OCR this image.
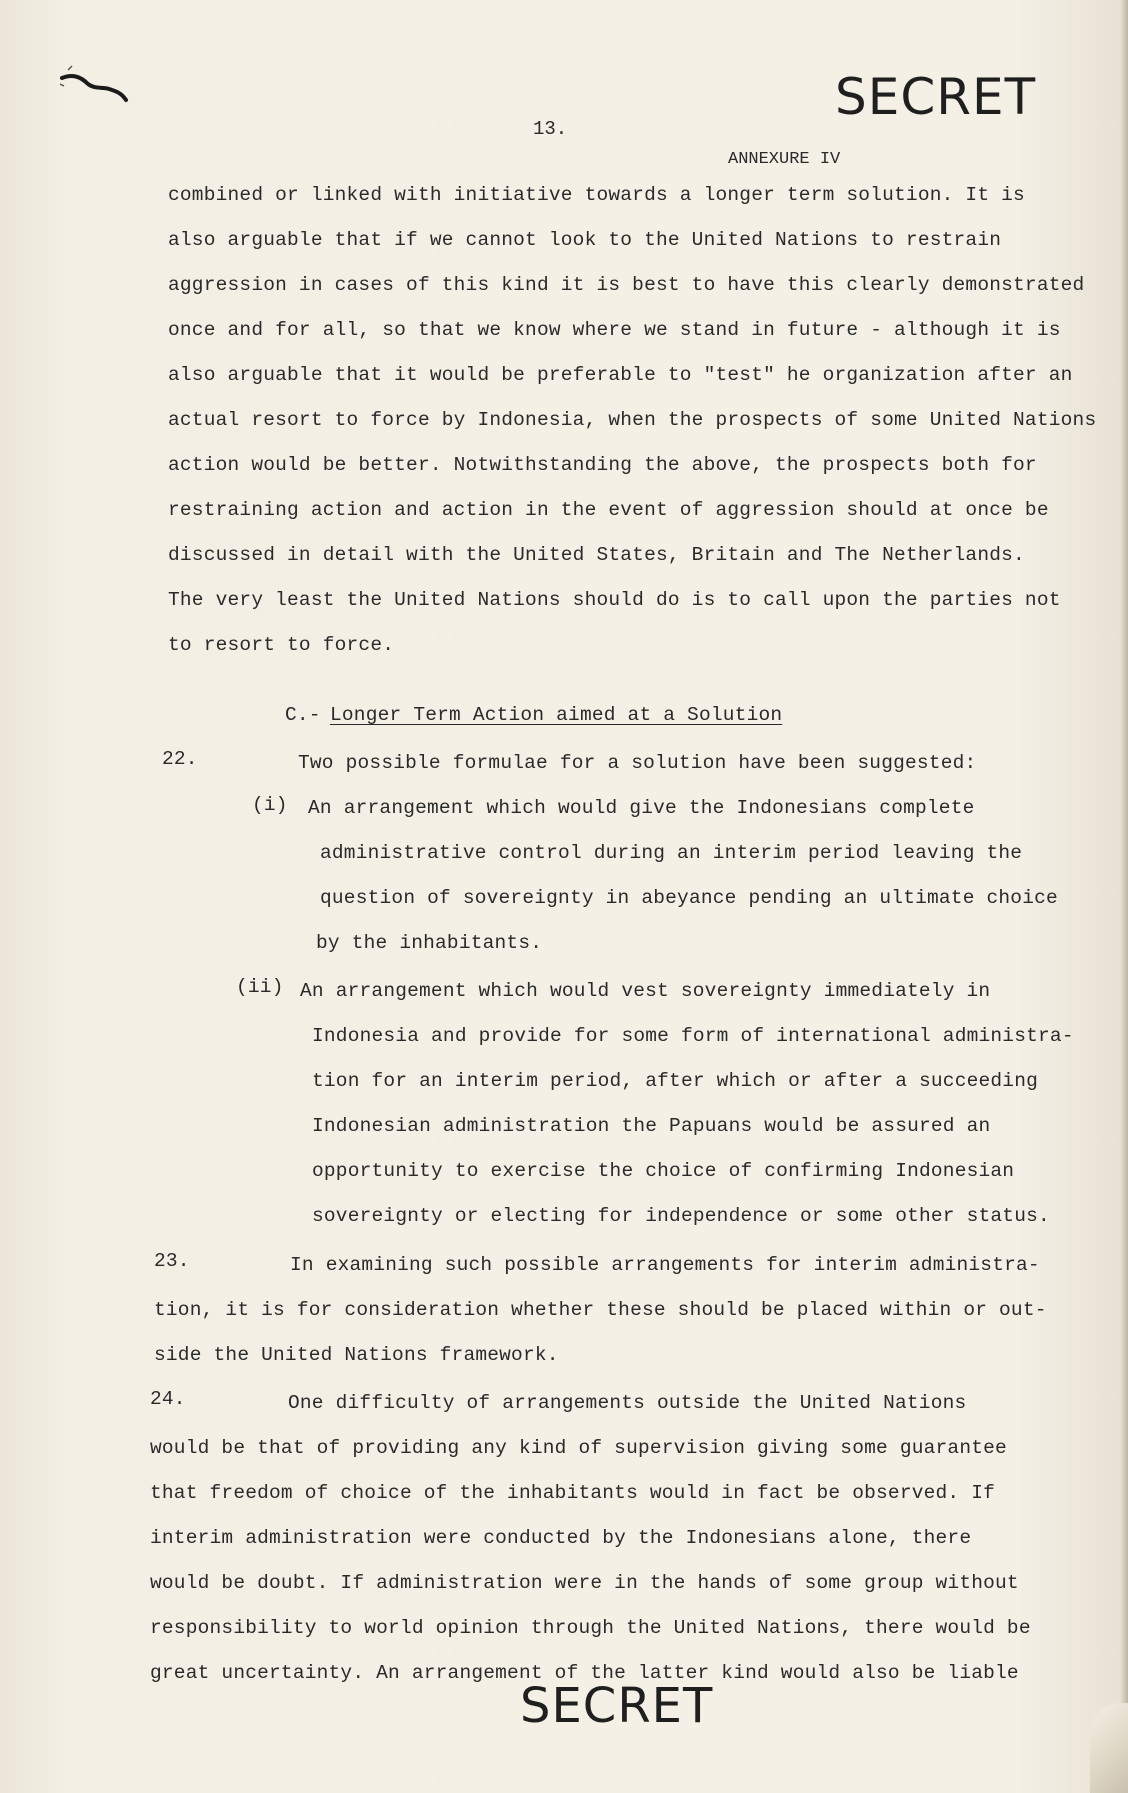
SECRET
13.
ANNEXURE IV
combined or linked with initiative towards a longer term solution. It is
also arguable that if we cannot look to the United Nations to restrain
aggression in cases of this kind it is best to have this clearly demonstrated
once and for all, so that we know where we stand in future - although it is
also arguable that it would be preferable to "test" he organization after an
actual resort to force by Indonesia, when the prospects of some United Nations
action would be better. Notwithstanding the above, the prospects both for
restraining action and action in the event of aggression should at once be
discussed in detail with the United States, Britain and The Netherlands.
The very least the United Nations should do is to call upon the parties not
to resort to force.
C.- Longer Term Action aimed at a Solution
22.	Two possible formulae for a solution have been suggested:
(i) An arrangement which would give the Indonesians complete
administrative control during an interim period leaving the
question of sovereignty in abeyance pending an ultimate choice
by the inhabitants.
(ii) An arrangement which would vest sovereignty immediately in
Indonesia and provide for some form of international administra-
tion for an interim period, after which or after a succeeding
Indonesian administration the Papuans would be assured an
opportunity to exercise the choice of confirming Indonesian
sovereignty or electing for independence or some other status.
23.	In examining such possible arrangements for interim administra-
tion, it is for consideration whether these should be placed within or out-
side the United Nations framework.
24.	One difficulty of arrangements outside the United Nations
would be that of providing any kind of supervision giving some guarantee
that freedom of choice of the inhabitants would in fact be observed. If
interim administration were conducted by the Indonesians alone, there
would be doubt. If administration were in the hands of some group without
responsibility to world opinion through the United Nations, there would be
great uncertainty. An arrangement of the latter kind would also be liable
SECRET
